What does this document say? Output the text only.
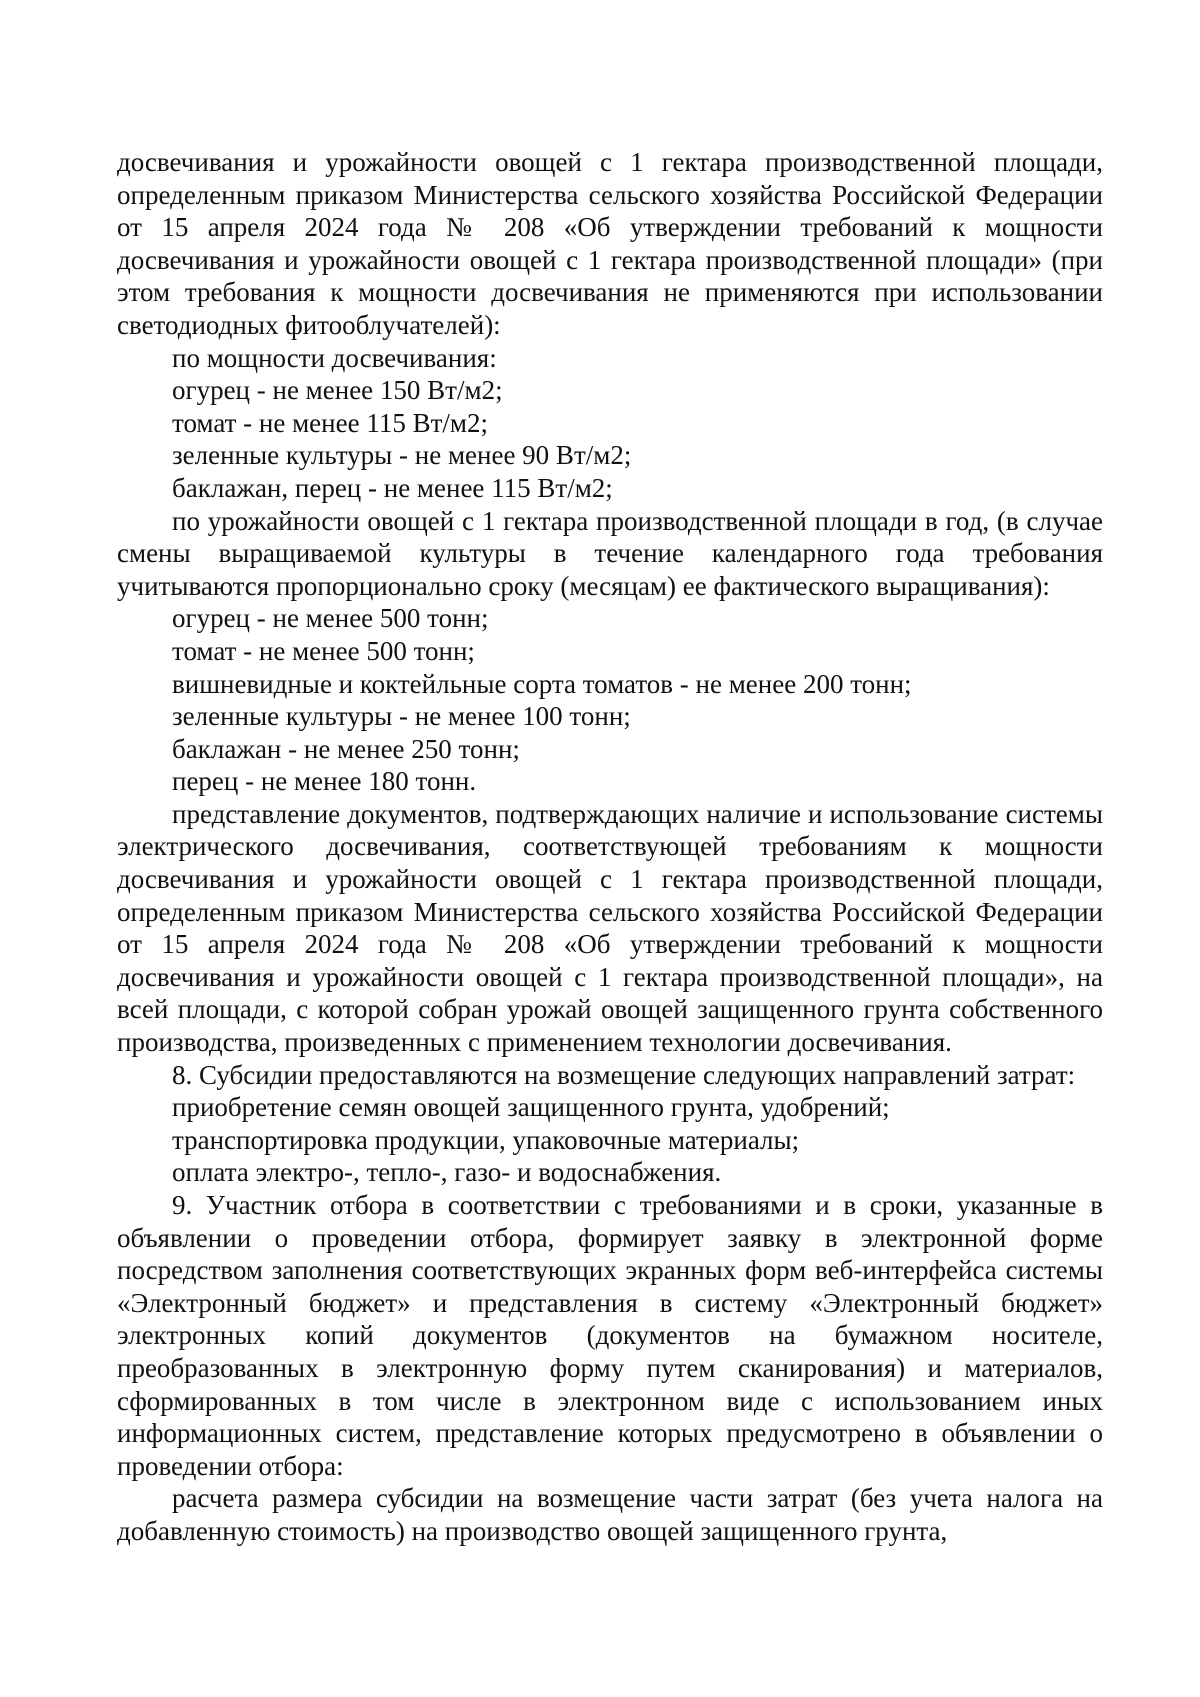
досвечивания и урожайности овощей с 1 гектара производственной площади, определенным приказом Министерства сельского хозяйства Российской Федерации от 15 апреля 2024 года № 208 «Об утверждении требований к мощности досвечивания и урожайности овощей с 1 гектара производственной площади» (при этом требования к мощности досвечивания не применяются при использовании светодиодных фитооблучателей):

по мощности досвечивания:

огурец - не менее 150 Вт/м2;

томат - не менее 115 Вт/м2;

зеленные культуры - не менее 90 Вт/м2;

баклажан, перец - не менее 115 Вт/м2;

по урожайности овощей с 1 гектара производственной площади в год, (в случае смены выращиваемой культуры в течение календарного года требования учитываются пропорционально сроку (месяцам) ее фактического выращивания):

огурец - не менее 500 тонн;

томат - не менее 500 тонн;

вишневидные и коктейльные сорта томатов - не менее 200 тонн;

зеленные культуры - не менее 100 тонн;

баклажан - не менее 250 тонн;

перец - не менее 180 тонн.

представление документов, подтверждающих наличие и использование системы электрического досвечивания, соответствующей требованиям к мощности досвечивания и урожайности овощей с 1 гектара производственной площади, определенным приказом Министерства сельского хозяйства Российской Федерации от 15 апреля 2024 года № 208 «Об утверждении требований к мощности досвечивания и урожайности овощей с 1 гектара производственной площади», на всей площади, с которой собран урожай овощей защищенного грунта собственного производства, произведенных с применением технологии досвечивания.

8. Субсидии предоставляются на возмещение следующих направлений затрат:

приобретение семян овощей защищенного грунта, удобрений;

транспортировка продукции, упаковочные материалы;

оплата электро-, тепло-, газо- и водоснабжения.

9. Участник отбора в соответствии с требованиями и в сроки, указанные в объявлении о проведении отбора, формирует заявку в электронной форме посредством заполнения соответствующих экранных форм веб-интерфейса системы «Электронный бюджет» и представления в систему «Электронный бюджет» электронных копий документов (документов на бумажном носителе, преобразованных в электронную форму путем сканирования) и материалов, сформированных в том числе в электронном виде с использованием иных информационных систем, представление которых предусмотрено в объявлении о проведении отбора:

расчета размера субсидии на возмещение части затрат (без учета налога на добавленную стоимость) на производство овощей защищенного грунта,
